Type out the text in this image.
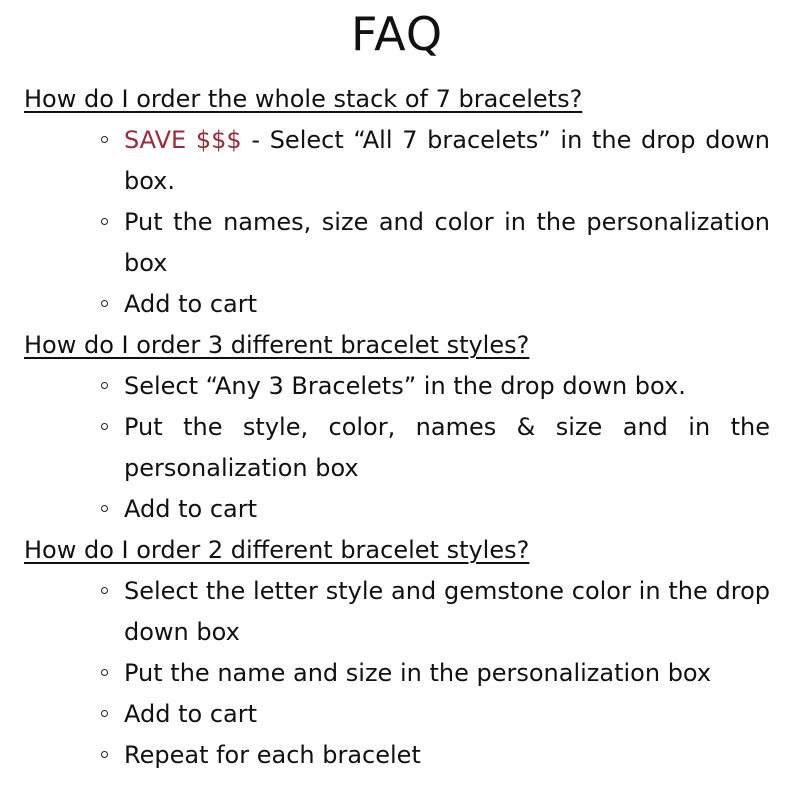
FAQ
How do I order the whole stack of 7 bracelets?
SAVE $$$ - Select “All 7 bracelets” in the drop down box.
Put the names, size and color in the personalization box
Add to cart
How do I order 3 different bracelet styles?
Select “Any 3 Bracelets” in the drop down box.
Put the style, color, names & size and in the personalization box
Add to cart
How do I order 2 different bracelet styles?
Select the letter style and gemstone color in the drop down box
Put the name and size in the personalization box
Add to cart
Repeat for each bracelet
